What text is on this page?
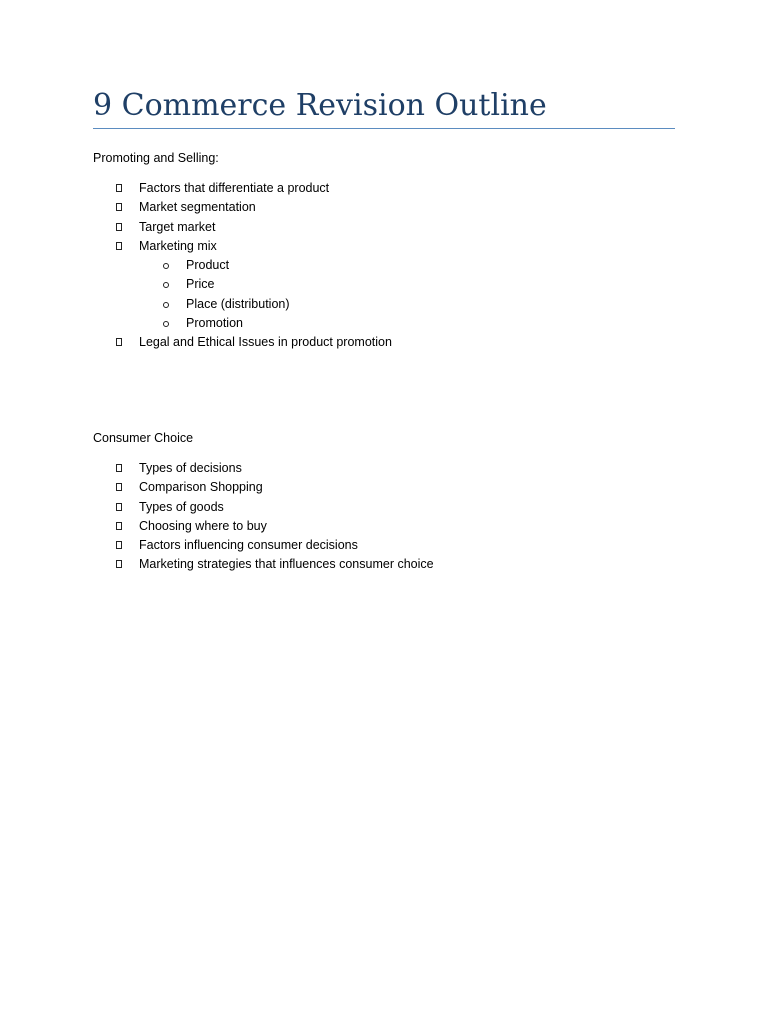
9 Commerce Revision Outline

Promoting and Selling:

Factors that differentiate a product
Market segmentation
Target market
Marketing mix
Product
Price
Place (distribution)
Promotion
Legal and Ethical Issues in product promotion

Consumer Choice

Types of decisions
Comparison Shopping
Types of goods
Choosing where to buy
Factors influencing consumer decisions
Marketing strategies that influences consumer choice
